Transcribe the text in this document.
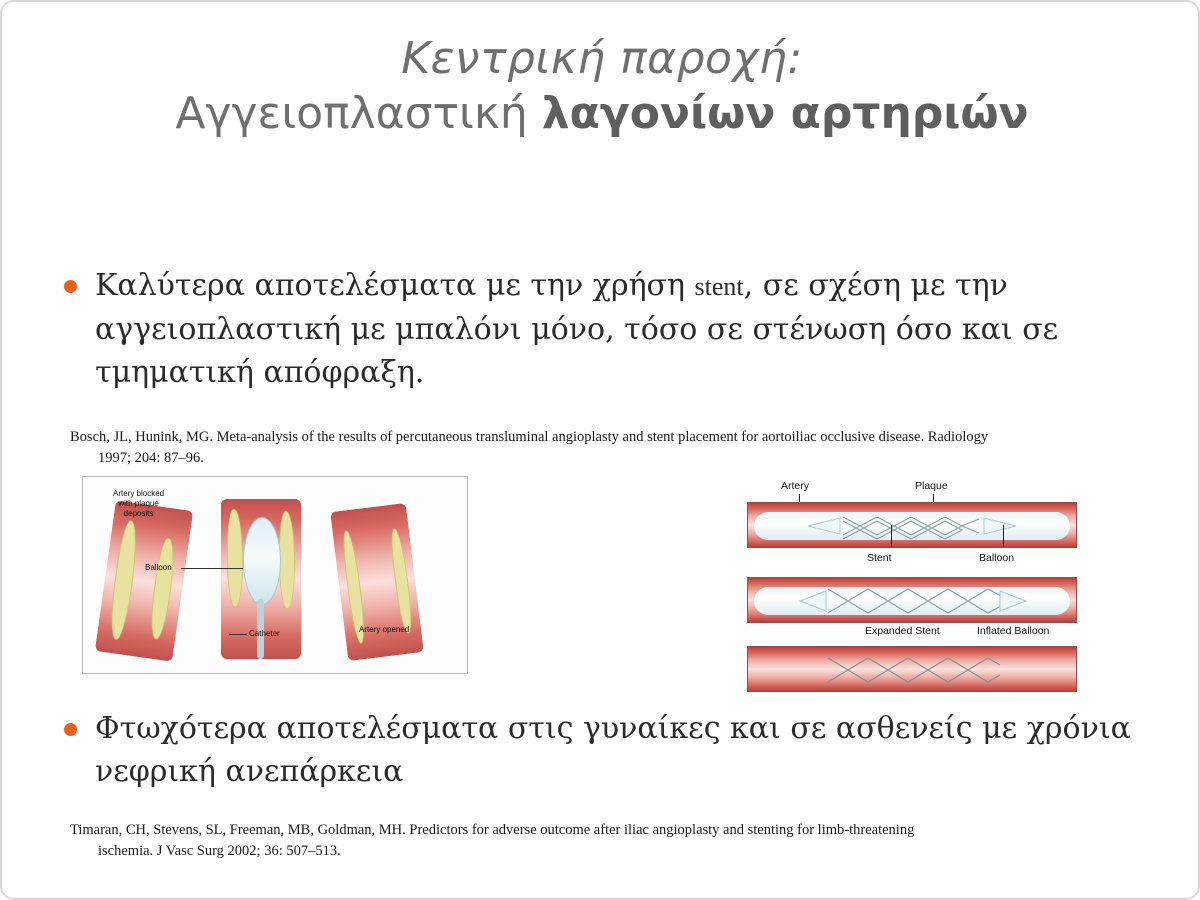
Κεντρική παροχή:
Αγγειοπλαστική λαγονίων αρτηριών
Καλύτερα αποτελέσματα με την χρήση stent, σε σχέση με την αγγειοπλαστική με μπαλόνι μόνο, τόσο σε στένωση όσο και σε τμηματική απόφραξη.
Bosch, JL, Hunink, MG. Meta-analysis of the results of percutaneous transluminal angioplasty and stent placement for aortoiliac occlusive disease. Radiology
1997; 204: 87–96.
Artery blocked
with plaque
deposits
Balloon
Catheter	Artery opened
Artery	Plaque
Stent	Balloon
Expanded Stent	Inflated Balloon
Φτωχότερα αποτελέσματα στις γυναίκες και σε ασθενείς με χρόνια νεφρική ανεπάρκεια
Timaran, CH, Stevens, SL, Freeman, MB, Goldman, MH. Predictors for adverse outcome after iliac angioplasty and stenting for limb-threatening
ischemia. J Vasc Surg 2002; 36: 507–513.
